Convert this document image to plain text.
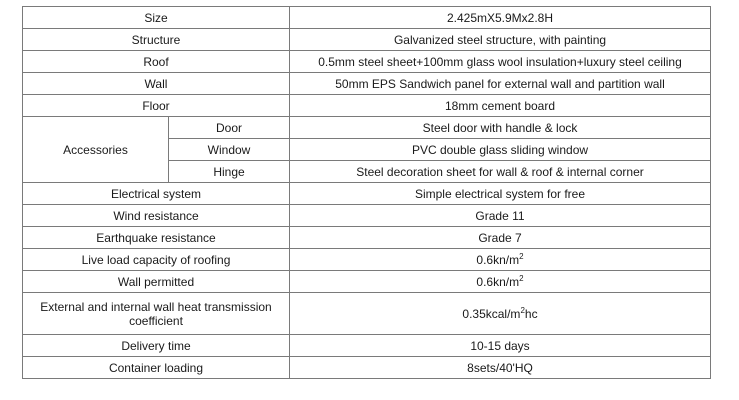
Size		2.425mX5.9Mx2.8H
Structure		Galvanized steel structure, with painting
Roof		0.5mm steel sheet+100mm glass wool insulation+luxury steel ceiling
Wall		50mm EPS Sandwich panel for external wall and partition wall
Floor		18mm cement board
Accessories	Door	Steel door with handle & lock
	Window	PVC double glass sliding window
	Hinge	Steel decoration sheet for wall & roof & internal corner
Electrical system		Simple electrical system for free
Wind resistance		Grade 11
Earthquake resistance		Grade 7
Live load capacity of roofing		$0.6kn/m^2$
Wall permitted		$0.6kn/m^2$
External and internal wall heat transmission coefficient		$0.35kcal/m^2hc$
Delivery time		10-15 days
Container loading		8sets/40'HQ
